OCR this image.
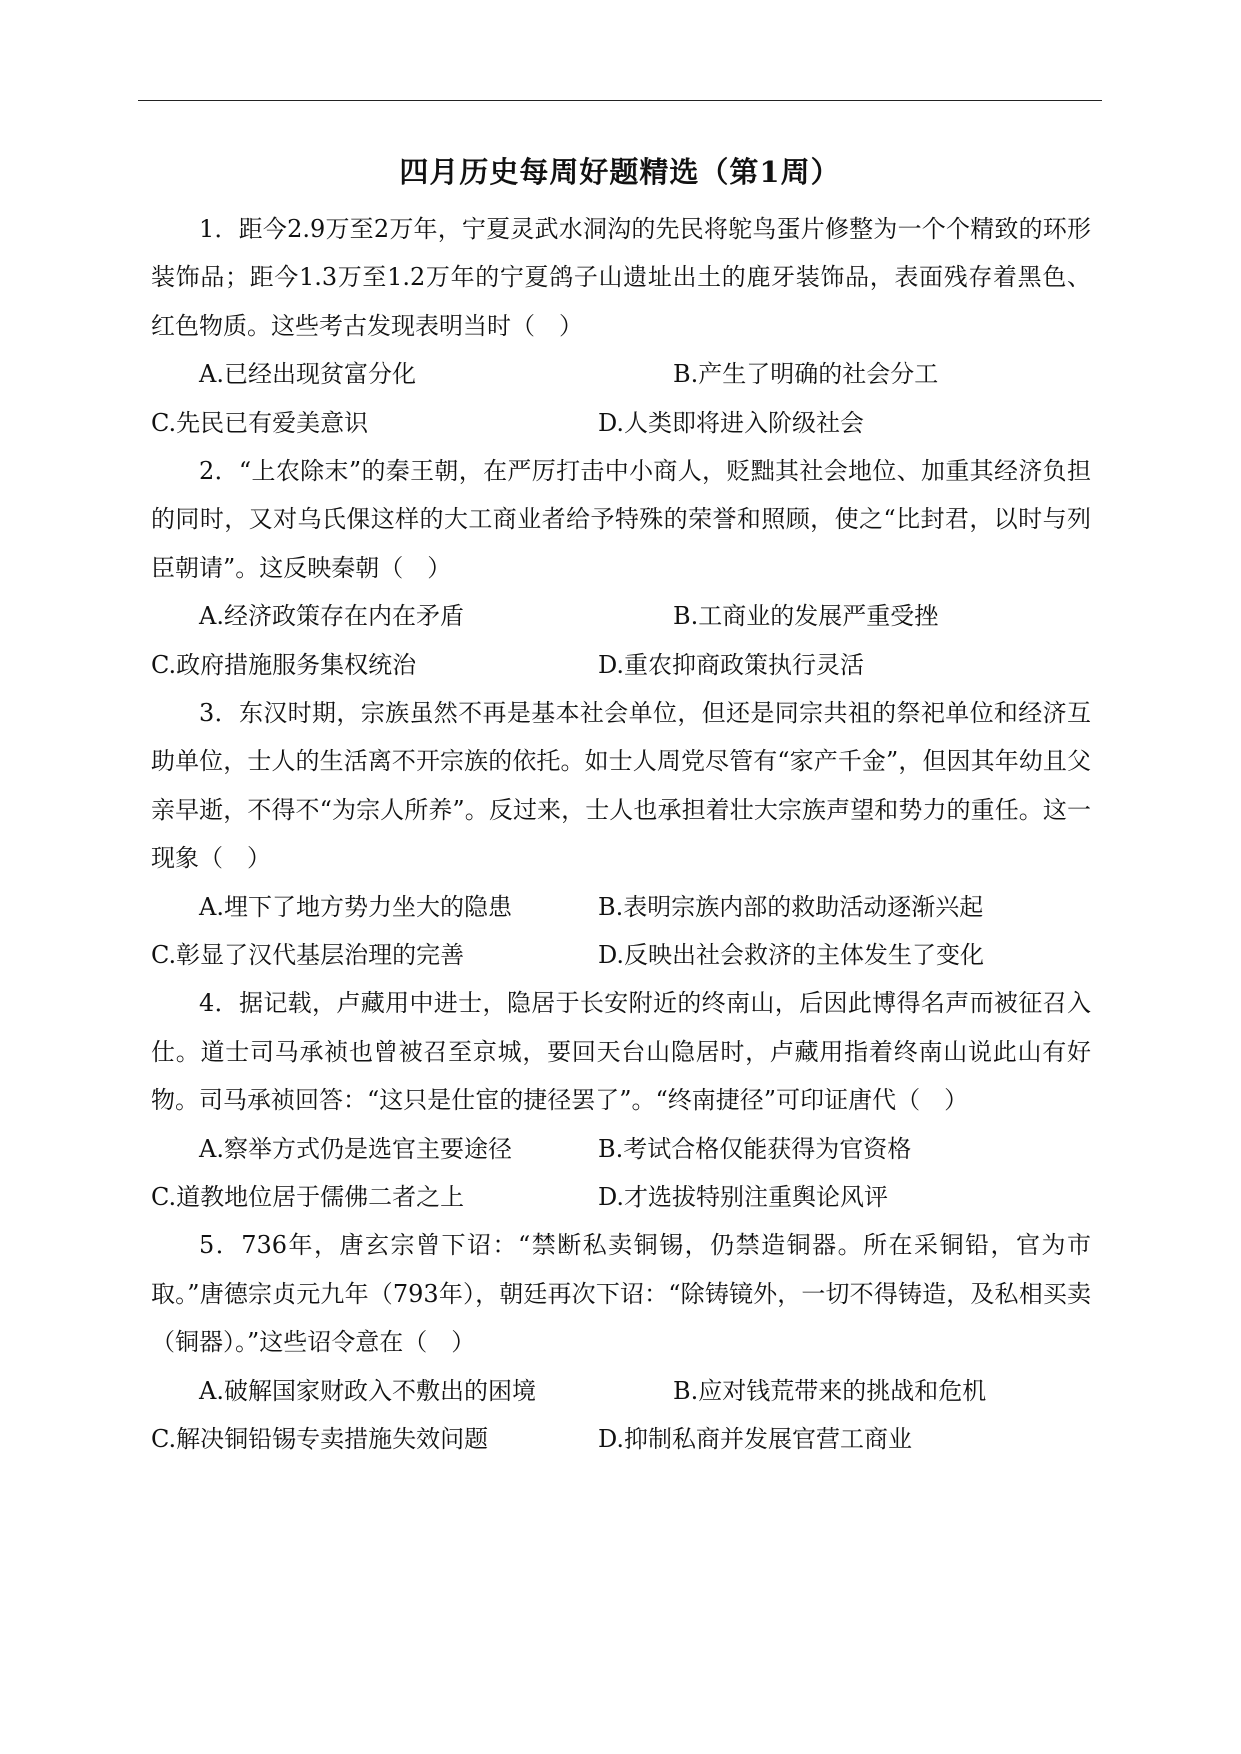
四月历史每周好题精选（第1周）

1．距今2.9万至2万年，宁夏灵武水洞沟的先民将鸵鸟蛋片修整为一个个精致的环形装饰品；距今1.3万至1.2万年的宁夏鸽子山遗址出土的鹿牙装饰品，表面残存着黑色、红色物质。这些考古发现表明当时（　）

A.已经出现贫富分化	B.产生了明确的社会分工
C.先民已有爱美意识	D.人类即将进入阶级社会

2．“上农除末”的秦王朝，在严厉打击中小商人，贬黜其社会地位、加重其经济负担的同时，又对乌氏倮这样的大工商业者给予特殊的荣誉和照顾，使之“比封君，以时与列臣朝请”。这反映秦朝（　）

A.经济政策存在内在矛盾	B.工商业的发展严重受挫
C.政府措施服务集权统治	D.重农抑商政策执行灵活

3．东汉时期，宗族虽然不再是基本社会单位，但还是同宗共祖的祭祀单位和经济互助单位，士人的生活离不开宗族的依托。如士人周党尽管有“家产千金”，但因其年幼且父亲早逝，不得不“为宗人所养”。反过来，士人也承担着壮大宗族声望和势力的重任。这一现象（　）

A.埋下了地方势力坐大的隐患	B.表明宗族内部的救助活动逐渐兴起
C.彰显了汉代基层治理的完善	D.反映出社会救济的主体发生了变化

4．据记载，卢藏用中进士，隐居于长安附近的终南山，后因此博得名声而被征召入仕。道士司马承祯也曾被召至京城，要回天台山隐居时，卢藏用指着终南山说此山有好物。司马承祯回答：“这只是仕宦的捷径罢了”。“终南捷径”可印证唐代（　）

A.察举方式仍是选官主要途径	B.考试合格仅能获得为官资格
C.道教地位居于儒佛二者之上	D.才选拔特别注重舆论风评

5．736年，唐玄宗曾下诏：“禁断私卖铜锡，仍禁造铜器。所在采铜铅，官为市取。”唐德宗贞元九年（793年），朝廷再次下诏：“除铸镜外，一切不得铸造，及私相买卖（铜器）。”这些诏令意在（　）

A.破解国家财政入不敷出的困境	B.应对钱荒带来的挑战和危机
C.解决铜铅锡专卖措施失效问题	D.抑制私商并发展官营工商业
